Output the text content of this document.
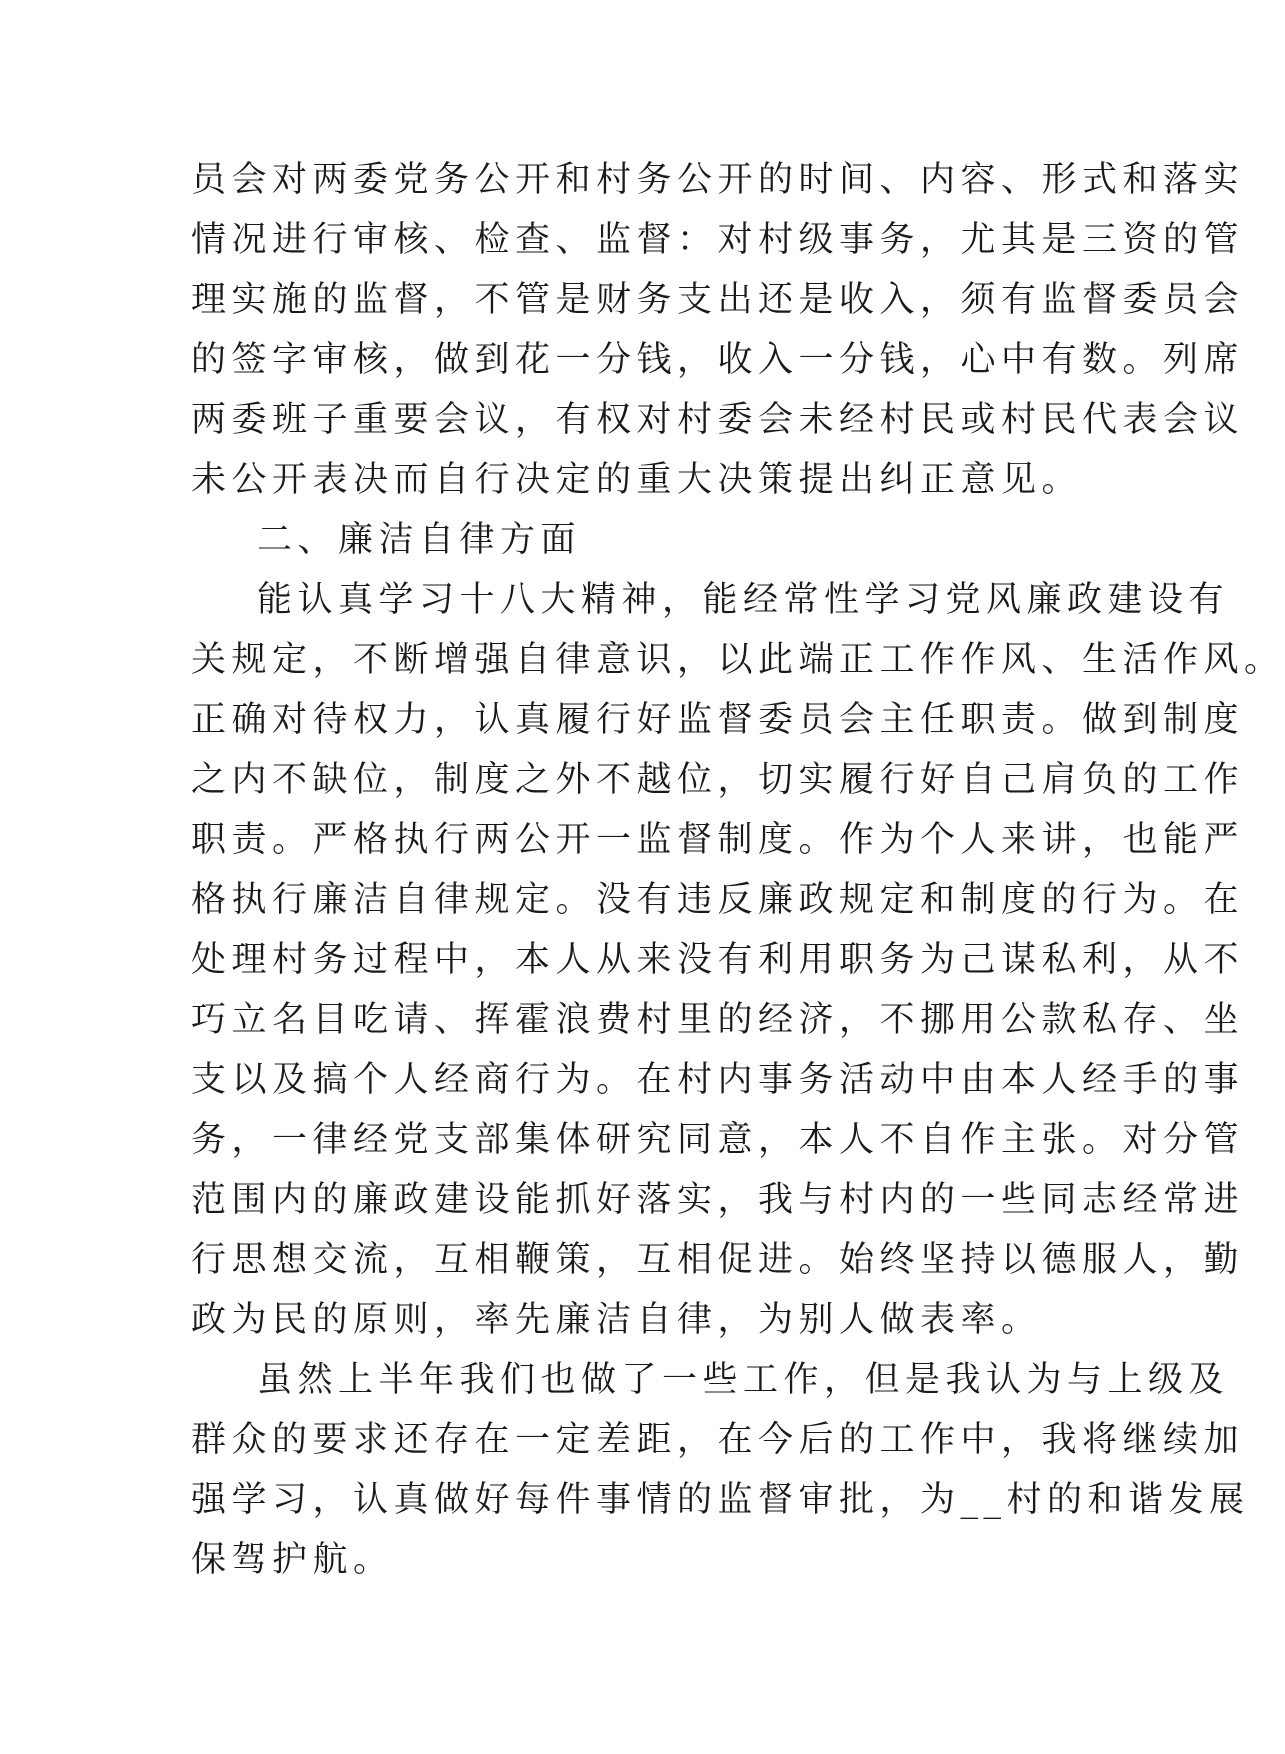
员会对两委党务公开和村务公开的时间、内容、形式和落实
情况进行审核、检查、监督：对村级事务，尤其是三资的管
理实施的监督，不管是财务支出还是收入，须有监督委员会
的签字审核，做到花一分钱，收入一分钱，心中有数。列席
两委班子重要会议，有权对村委会未经村民或村民代表会议
未公开表决而自行决定的重大决策提出纠正意见。
二、廉洁自律方面
能认真学习十八大精神，能经常性学习党风廉政建设有
关规定，不断增强自律意识，以此端正工作作风、生活作风。
正确对待权力，认真履行好监督委员会主任职责。做到制度
之内不缺位，制度之外不越位，切实履行好自己肩负的工作
职责。严格执行两公开一监督制度。作为个人来讲，也能严
格执行廉洁自律规定。没有违反廉政规定和制度的行为。在
处理村务过程中，本人从来没有利用职务为己谋私利，从不
巧立名目吃请、挥霍浪费村里的经济，不挪用公款私存、坐
支以及搞个人经商行为。在村内事务活动中由本人经手的事
务，一律经党支部集体研究同意，本人不自作主张。对分管
范围内的廉政建设能抓好落实，我与村内的一些同志经常进
行思想交流，互相鞭策，互相促进。始终坚持以德服人，勤
政为民的原则，率先廉洁自律，为别人做表率。
虽然上半年我们也做了一些工作，但是我认为与上级及
群众的要求还存在一定差距，在今后的工作中，我将继续加
强学习，认真做好每件事情的监督审批，为__村的和谐发展
保驾护航。
